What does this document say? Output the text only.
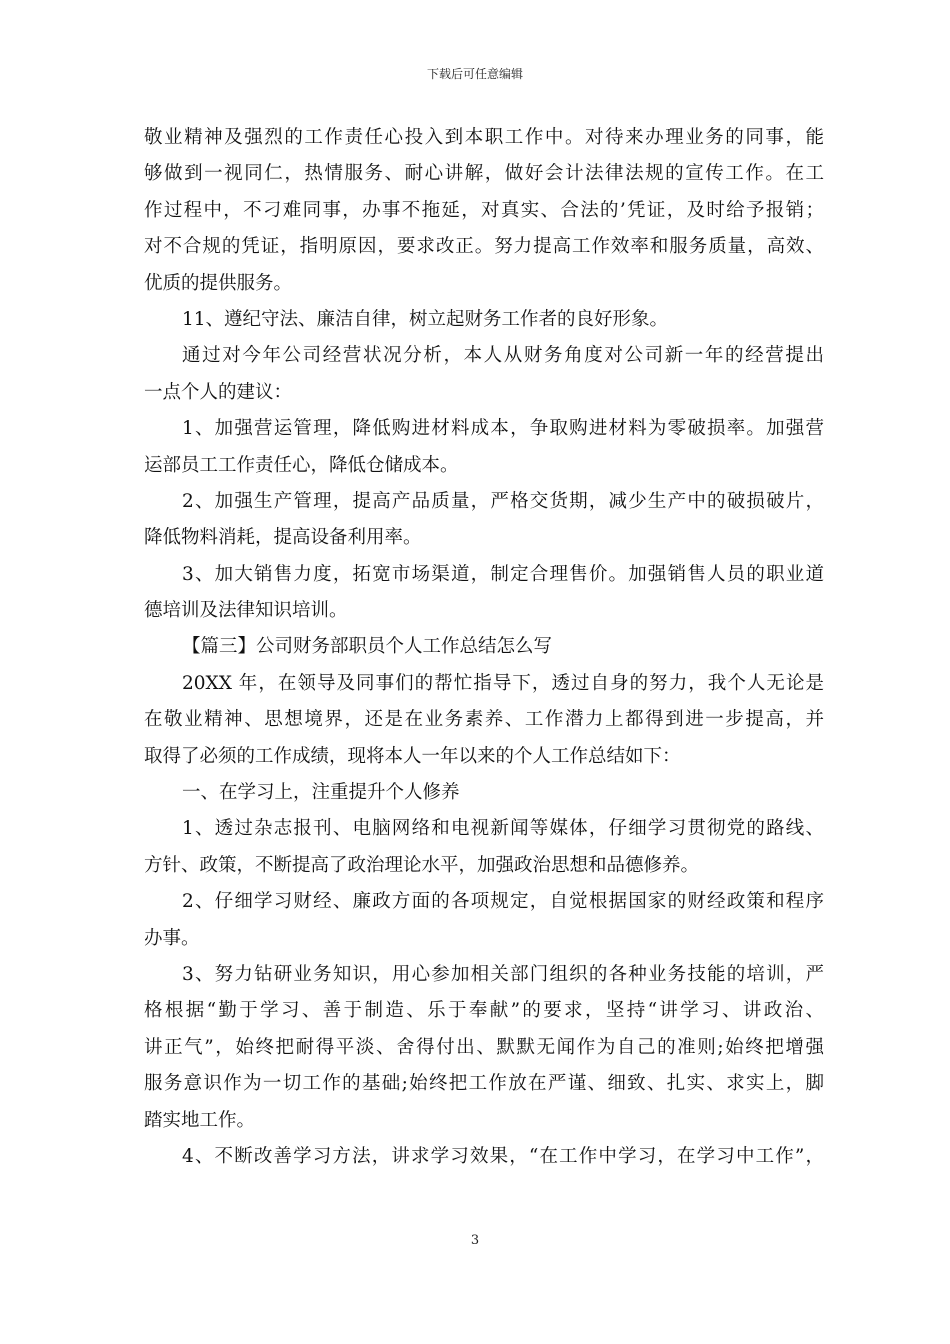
下载后可任意编辑
敬业精神及强烈的工作责任心投入到本职工作中。对待来办理业务的同事，能
够做到一视同仁，热情服务、耐心讲解，做好会计法律法规的宣传工作。在工
作过程中，不刁难同事，办事不拖延，对真实、合法的’凭证，及时给予报销；
对不合规的凭证，指明原因，要求改正。努力提高工作效率和服务质量，高效、
优质的提供服务。
11、遵纪守法、廉洁自律，树立起财务工作者的良好形象。
通过对今年公司经营状况分析，本人从财务角度对公司新一年的经营提出
一点个人的建议：
1、加强营运管理，降低购进材料成本，争取购进材料为零破损率。加强营
运部员工工作责任心，降低仓储成本。
2、加强生产管理，提高产品质量，严格交货期，减少生产中的破损破片，
降低物料消耗，提高设备利用率。
3、加大销售力度，拓宽市场渠道，制定合理售价。加强销售人员的职业道
德培训及法律知识培训。
【篇三】公司财务部职员个人工作总结怎么写
20XX 年，在领导及同事们的帮忙指导下，透过自身的努力，我个人无论是
在敬业精神、思想境界，还是在业务素养、工作潜力上都得到进一步提高，并
取得了必须的工作成绩，现将本人一年以来的个人工作总结如下：
一、在学习上，注重提升个人修养
1、透过杂志报刊、电脑网络和电视新闻等媒体，仔细学习贯彻党的路线、
方针、政策，不断提高了政治理论水平，加强政治思想和品德修养。
2、仔细学习财经、廉政方面的各项规定，自觉根据国家的财经政策和程序
办事。
3、努力钻研业务知识，用心参加相关部门组织的各种业务技能的培训，严
格根据“勤于学习、善于制造、乐于奉献”的要求，坚持“讲学习、讲政治、
讲正气”，始终把耐得平淡、舍得付出、默默无闻作为自己的准则;始终把增强
服务意识作为一切工作的基础;始终把工作放在严谨、细致、扎实、求实上，脚
踏实地工作。
4、不断改善学习方法，讲求学习效果，“在工作中学习，在学习中工作”，
3
